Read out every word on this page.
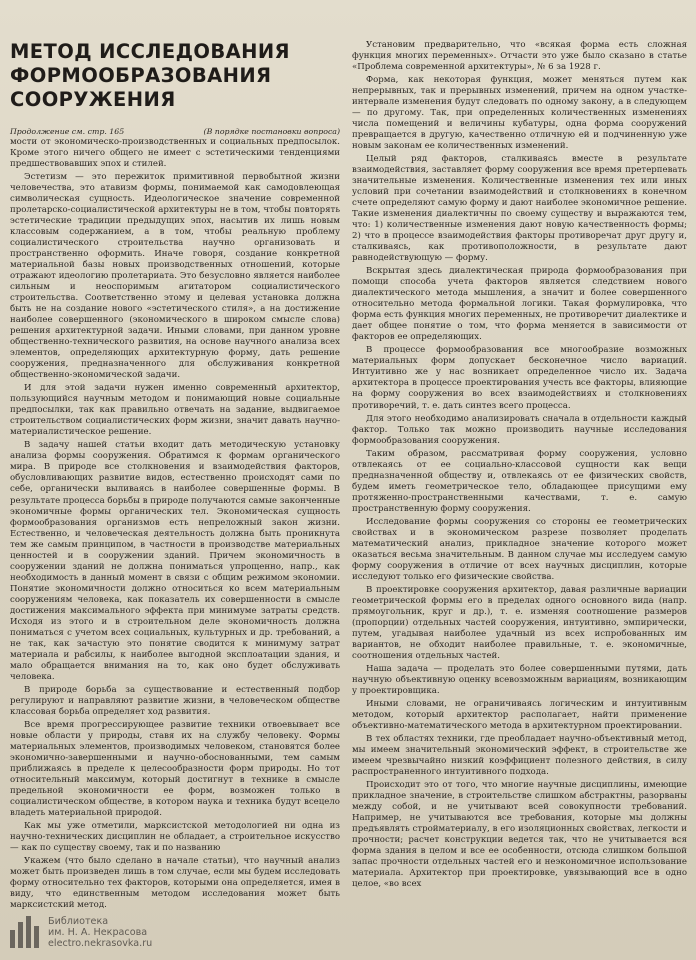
МЕТОД ИССЛЕДОВАНИЯ
ФОРМООБРАЗОВАНИЯ СООРУЖЕНИЯ
Продолжение см. стр. 165	(В порядке постановки вопроса)

мости от экономическо-производственных и социальных предпосылок. Кроме этого ничего общего не имеет с эстетическими тенденциями предшествовавших эпох и стилей.

Эстетизм — это пережиток примитивной первобытной жизни человечества, это атавизм формы, понимаемой как самодовлеющая символическая сущность. Идеологическое значение современной пролетарско-социалистической архитектуры не в том, чтобы повторять эстетические традиции предыдущих эпох, насытив их лишь новым классовым содержанием, а в том, чтобы реальную проблему социалистического строительства научно организовать и пространственно оформить. Иначе говоря, создание конкретной материальной базы новых производственных отношений, которые отражают идеологию пролетариата. Это безусловно является наиболее сильным и неоспоримым агитатором социалистического строительства. Соответственно этому и целевая установка должна быть не на создание нового «эстетического стиля», а на достижение наиболее совершенного (экономического в широком смысле слова) решения архитектурной задачи. Иными словами, при данном уровне общественно-технического развития, на основе научного анализа всех элементов, определяющих архитектурную форму, дать решение сооружения, предназначенного для обслуживания конкретной общественно-экономической задачи.

И для этой задачи нужен именно современный архитектор, пользующийся научным методом и понимающий новые социальные предпосылки, так как правильно отвечать на задание, выдвигаемое строительством социалистических форм жизни, значит давать научно-материалистическое решение.

В задачу нашей статьи входит дать методическую установку анализа формы сооружения. Обратимся к формам органического мира. В природе все столкновения и взаимодействия факторов, обусловливающих развитие видов, естественно происходят сами по себе, органически выливаясь в наиболее совершенные формы. В результате процесса борьбы в природе получаются самые законченные экономичные формы органических тел. Экономическая сущность формообразования организмов есть непреложный закон жизни. Естественно, и человеческая деятельность должна быть проникнута тем же самым принципом, в частности в производстве материальных ценностей и в сооружении зданий. Причем экономичность в сооружении зданий не должна пониматься упрощенно, напр., как необходимость в данный момент в связи с общим режимом экономии. Понятие экономичности должно относиться ко всем материальным сооружениям человека, как показатель их совершенности в смысле достижения максимального эффекта при минимуме затраты средств. Исходя из этого и в строительном деле экономичность должна пониматься с учетом всех социальных, культурных и др. требований, а не так, как зачастую это понятие сводится к минимуму затрат материала и рабсилы, к наиболее выгодной эксплоатации здания, и мало обращается внимания на то, как оно будет обслуживать человека.

В природе борьба за существование и естественный подбор регулируют и направляют развитие жизни, в человеческом обществе классовая борьба определяет ход развития.

Все время прогрессирующее развитие техники отвоевывает все новые области у природы, ставя их на службу человеку. Формы материальных элементов, производимых человеком, становятся более экономично-завершенными и научно-обоснованными, тем самым приближаясь в пределе к целесообразности форм природы. Но тот относительный максимум, который достигнут в технике в смысле предельной экономичности ее форм, возможен только в социалистическом обществе, в котором наука и техника будут всецело владеть материальной природой.

Как мы уже отметили, марксистской методологией ни одна из научно-технических дисциплин не обладает, а строительное искусство — как по существу своему, так и по названию

Укажем (что было сделано в начале статьи), что научный анализ может быть произведен лишь в том случае, если мы будем исследовать форму относительно тех факторов, которыми она определяется, имея в виду, что единственным методом исследования может быть марксистский метод.

Установим предварительно, что «всякая форма есть сложная функция многих переменных». Отчасти это уже было сказано в статье «Проблема современной архитектуры», № 6 за 1928 г.

Форма, как некоторая функция, может меняться путем как непрерывных, так и прерывных изменений, причем на одном участке-интервале изменения будут следовать по одному закону, а в следующем — по другому. Так, при определенных количественных изменениях числа помещений и величины кубатуры, одна форма сооружений превращается в другую, качественно отличную ей и подчиненную уже новым законам ее количественных изменений.

Целый ряд факторов, сталкиваясь вместе в результате взаимодействия, заставляет форму сооружения все время претерпевать значительные изменения. Количественные изменения тех или иных условий при сочетании взаимодействий и столкновениях в конечном счете определяют самую форму и дают наиболее экономичное решение. Такие изменения диалектичны по своему существу и выражаются тем, что: 1) количественные изменения дают новую качественность формы; 2) что в процессе взаимодействия факторы противоречат друг другу и, сталкиваясь, как противоположности, в результате дают равнодействующую — форму.

Вскрытая здесь диалектическая природа формообразования при помощи способа учета факторов является следствием нового диалектического метода мышления, а значит и более совершенного относительно метода формальной логики. Такая формулировка, что форма есть функция многих переменных, не противоречит диалектике и дает общее понятие о том, что форма меняется в зависимости от факторов ее определяющих.

В процессе формообразования все многообразие возможных материальных форм допускает бесконечное число вариаций. Интуитивно же у нас возникает определенное число их. Задача архитектора в процессе проектирования учесть все факторы, влияющие на форму сооружения во всех взаимодействиях и столкновениях противоречий, т. е. дать синтез всего процесса.

Для этого необходимо анализировать сначала в отдельности каждый фактор. Только так можно производить научные исследования формообразования сооружения.

Таким образом, рассматривая форму сооружения, условно отвлекаясь от ее социально-классовой сущности как вещи предназначенной обществу и, отвлекаясь от ее физических свойств, будем иметь геометрическое тело, обладающее присущими ему протяженно-пространственными качествами, т. е. самую пространственную форму сооружения.

Исследование формы сооружения со стороны ее геометрических свойствах и в экономическом разрезе позволяет проделать математический анализ, прикладное значение которого может оказаться весьма значительным. В данном случае мы исследуем самую форму сооружения в отличие от всех научных дисциплин, которые исследуют только его физические свойства.

В проектировке сооружения архитектор, давая различные вариации геометрической формы его в пределах одного основного вида (напр. прямоугольник, круг и др.), т. е. изменяя соотношение размеров (пропорции) отдельных частей сооружения, интуитивно, эмпирически, путем, угадывая наиболее удачный из всех испробованных им вариантов, не обходит наиболее правильные, т. е. экономичные, соотношения отдельных частей.

Наша задача — проделать это более совершенными путями, дать научную объективную оценку всевозможным вариациям, возникающим у проектировщика.

Иными словами, не ограничиваясь логическим и интуитивным методом, который архитектор располагает, найти применение объективно-математического метода в архитектурном проектировании.

В тех областях техники, где преобладает научно-объективный метод, мы имеем значительный экономический эффект, в строительстве же имеем чрезвычайно низкий коэффициент полезного действия, в силу распространенного интуитивного подхода.

Происходит это от того, что многие научные дисциплины, имеющие прикладное значение, в строительстве слишком абстрактны, разорваны между собой, и не учитывают всей совокупности требований. Например, не учитываются все требования, которые мы должны предъявлять стройматериалу, в его изоляционных свойствах, легкости и прочности; расчет конструкции ведется так, что не учитывается вся форма здания в целом и все ее особенности, отсюда слишком большой запас прочности отдельных частей его и неэкономичное использование материала. Архитектор при проектировке, увязывающий все в одно целое, «во всех

Библиотека
им. Н. А. Некрасова
electro.nekrasovka.ru
